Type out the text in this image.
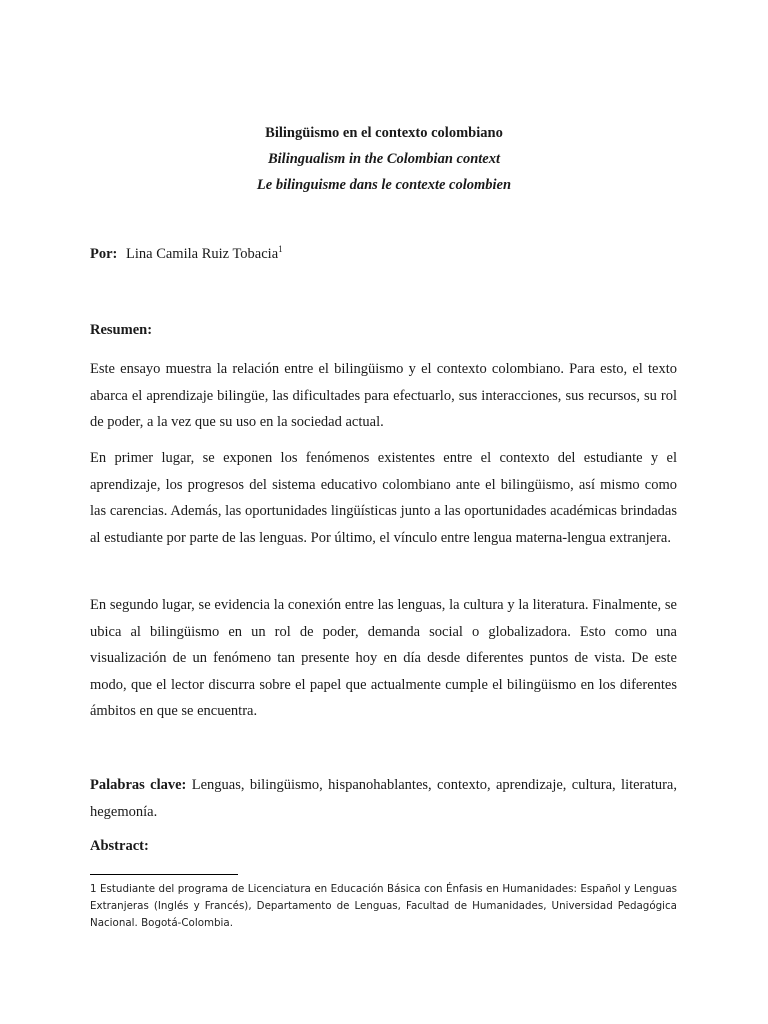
Bilingüismo en el contexto colombiano
Bilingualism in the Colombian context
Le bilinguisme dans le contexte colombien
Por: Lina Camila Ruiz Tobacia$^1$
Resumen:

Este ensayo muestra la relación entre el bilingüismo y el contexto colombiano. Para esto, el texto abarca el aprendizaje bilingüe, las dificultades para efectuarlo, sus interacciones, sus recursos, su rol de poder, a la vez que su uso en la sociedad actual.

En primer lugar, se exponen los fenómenos existentes entre el contexto del estudiante y el aprendizaje, los progresos del sistema educativo colombiano ante el bilingüismo, así mismo como las carencias. Además, las oportunidades lingüísticas junto a las oportunidades académicas brindadas al estudiante por parte de las lenguas. Por último, el vínculo entre lengua materna-lengua extranjera.

En segundo lugar, se evidencia la conexión entre las lenguas, la cultura y la literatura. Finalmente, se ubica al bilingüismo en un rol de poder, demanda social o globalizadora. Esto como una visualización de un fenómeno tan presente hoy en día desde diferentes puntos de vista. De este modo, que el lector discurra sobre el papel que actualmente cumple el bilingüismo en los diferentes ámbitos en que se encuentra.

Palabras clave: Lenguas, bilingüismo, hispanohablantes, contexto, aprendizaje, cultura, literatura, hegemonía.

Abstract:
1 Estudiante del programa de Licenciatura en Educación Básica con Énfasis en Humanidades: Español y Lenguas Extranjeras (Inglés y Francés), Departamento de Lenguas, Facultad de Humanidades, Universidad Pedagógica Nacional. Bogotá-Colombia.
